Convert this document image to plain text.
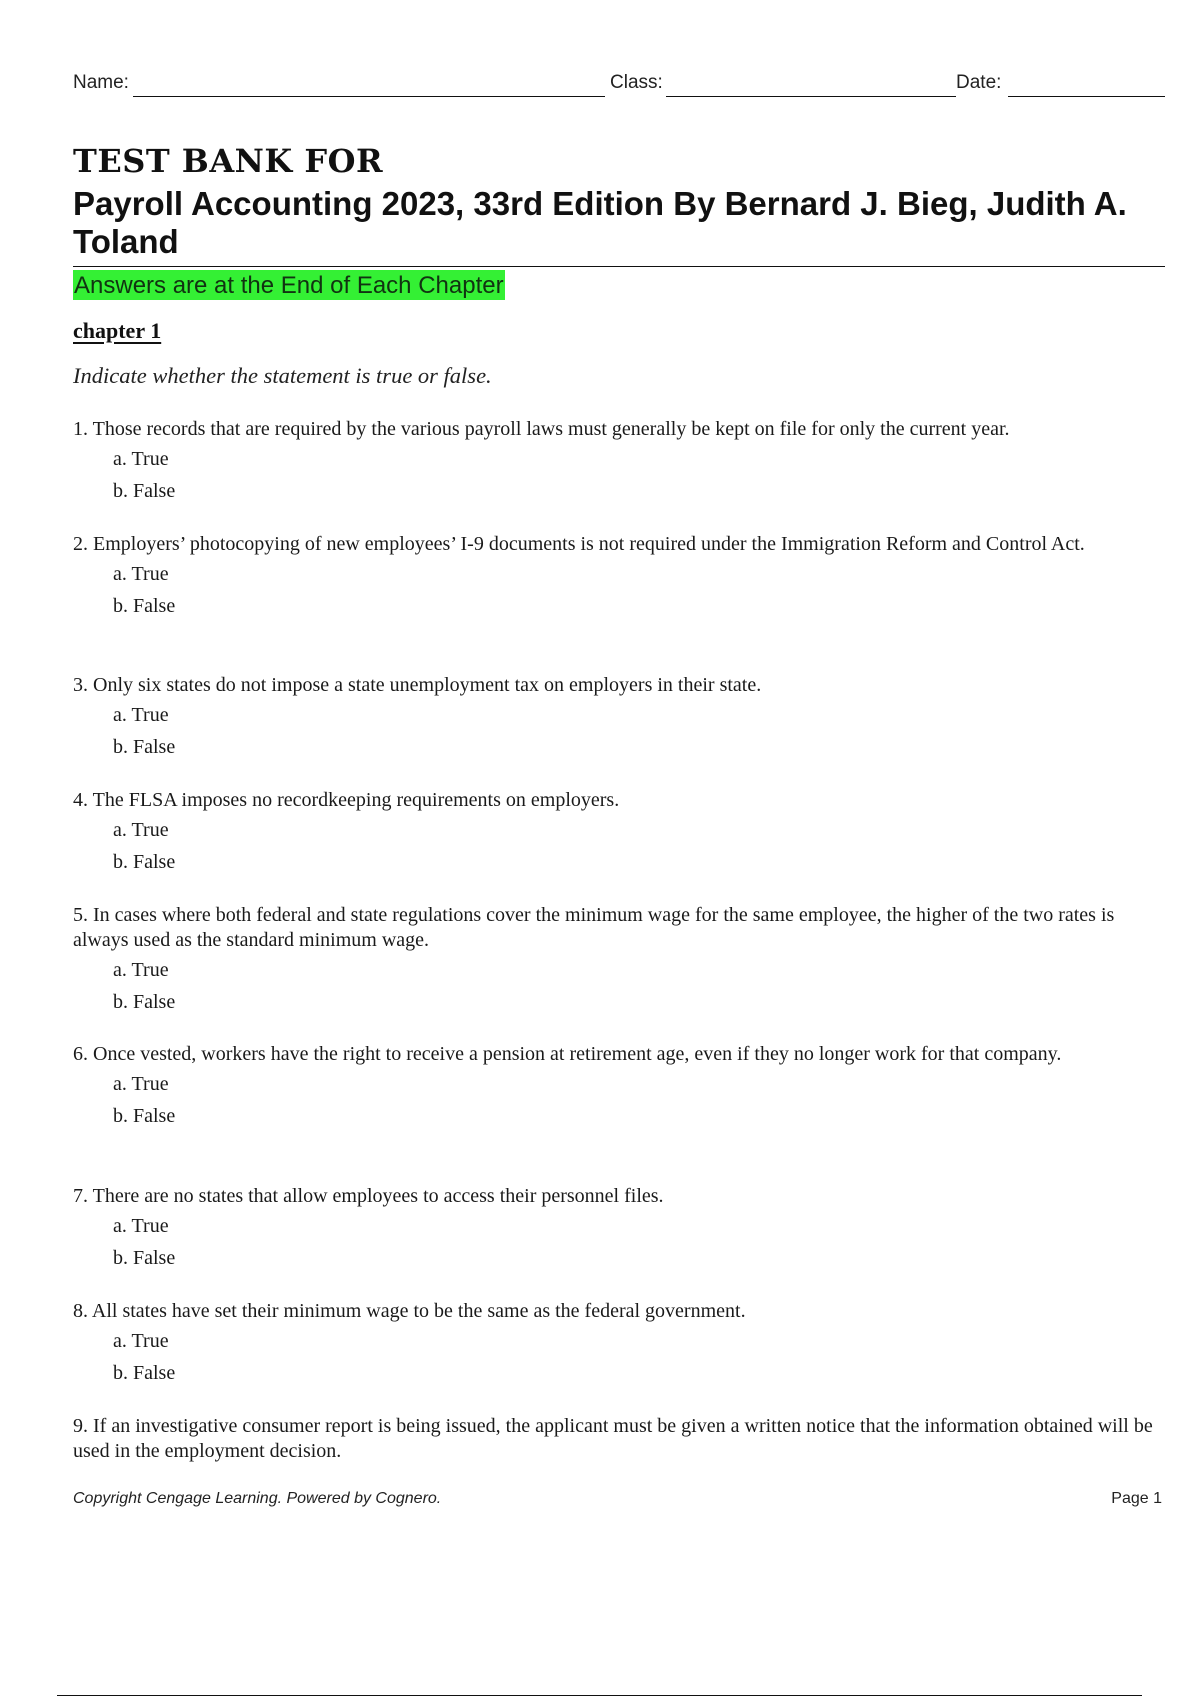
Name:	Class:	Date:
TEST BANK FOR
Payroll Accounting 2023, 33rd Edition By Bernard J. Bieg, Judith A. Toland
Answers are at the End of Each Chapter
chapter 1
Indicate whether the statement is true or false.

1. Those records that are required by the various payroll laws must generally be kept on file for only the current year.

a. True

b. False

2. Employers’ photocopying of new employees’ I-9 documents is not required under the Immigration Reform and Control Act.

a. True

b. False

3. Only six states do not impose a state unemployment tax on employers in their state.

a. True

b. False

4. The FLSA imposes no recordkeeping requirements on employers.

a. True

b. False

5. In cases where both federal and state regulations cover the minimum wage for the same employee, the higher of the two rates is always used as the standard minimum wage.

a. True

b. False

6. Once vested, workers have the right to receive a pension at retirement age, even if they no longer work for that company.

a. True

b. False

7. There are no states that allow employees to access their personnel files.

a. True

b. False

8. All states have set their minimum wage to be the same as the federal government.

a. True

b. False

9. If an investigative consumer report is being issued, the applicant must be given a written notice that the information obtained will be used in the employment decision.

Copyright Cengage Learning. Powered by Cognero.	Page 1
